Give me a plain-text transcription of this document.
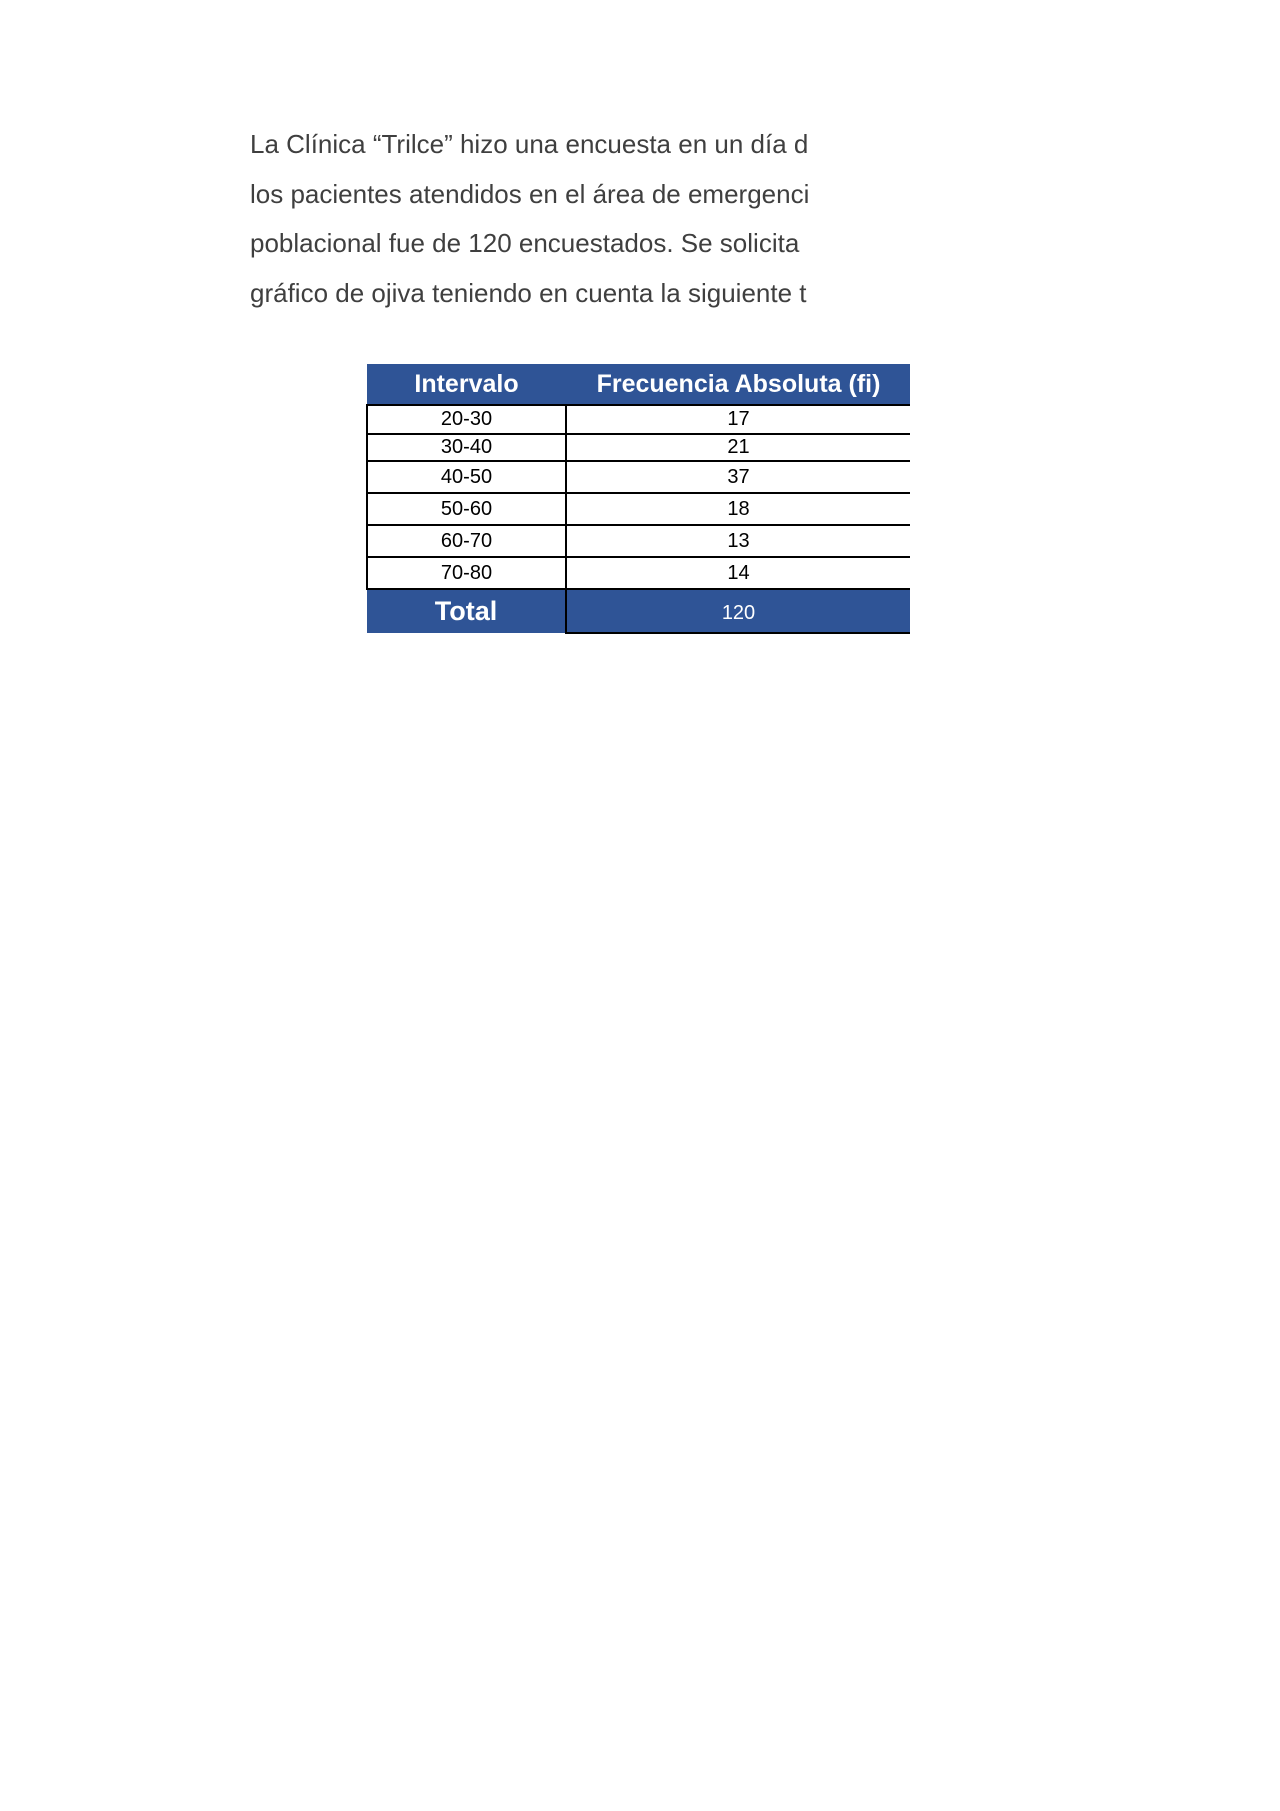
La Clínica “Trilce” hizo una encuesta en un día d
los pacientes atendidos en el área de emergenci
poblacional fue de 120 encuestados. Se solicita
gráfico de ojiva teniendo en cuenta la siguiente t
Intervalo	Frecuencia Absoluta (fi)
20-30	17
30-40	21
40-50	37
50-60	18
60-70	13
70-80	14
Total	120
